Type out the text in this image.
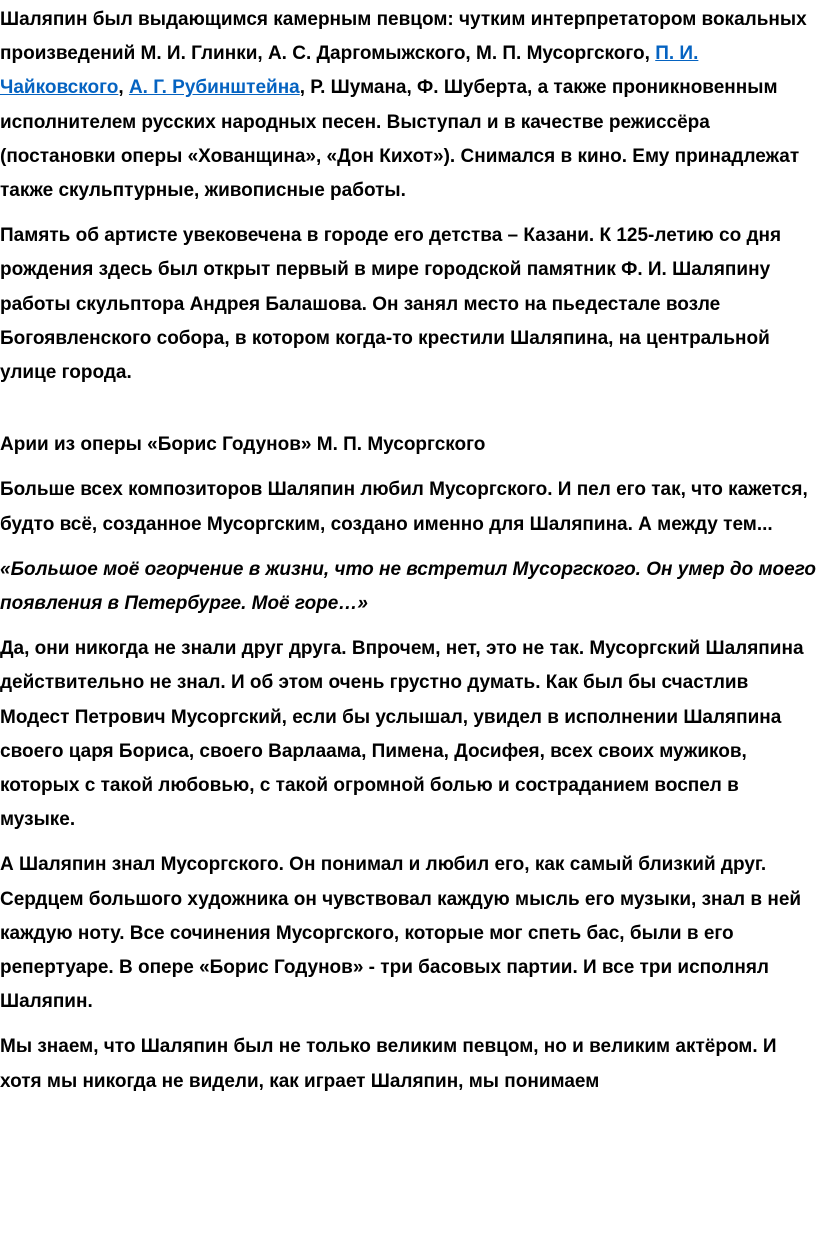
Шаляпин был выдающимся камерным певцом: чутким интерпретатором вокальных произведений М. И. Глинки, А. С. Даргомыжского, М. П. Мусоргского, П. И. Чайковского, А. Г. Рубинштейна, Р. Шумана, Ф. Шуберта, а также проникновенным исполнителем русских народных песен. Выступал и в качестве режиссёра (постановки оперы «Хованщина», «Дон Кихот»). Снимался в кино. Ему принадлежат также скульптурные, живописные работы.

Память об артисте увековечена в городе его детства – Казани. К 125-летию со дня рождения здесь был открыт первый в мире городской памятник Ф. И. Шаляпину работы скульптора Андрея Балашова. Он занял место на пьедестале возле Богоявленского собора, в котором когда-то крестили Шаляпина, на центральной улице города.

Арии из оперы «Борис Годунов» М. П. Мусоргского

Больше всех композиторов Шаляпин любил Мусоргского. И пел его так, что кажется, будто всё, созданное Мусоргским, создано именно для Шаляпина. А между тем...

«Большое моё огорчение в жизни, что не встретил Мусоргского. Он умер до моего появления в Петербурге. Моё горе…»

Да, они никогда не знали друг друга. Впрочем, нет, это не так. Мусоргский Шаляпина действительно не знал. И об этом очень грустно думать. Как был бы счастлив Модест Петрович Мусоргский, если бы услышал, увидел в исполнении Шаляпина своего царя Бориса, своего Варлаама, Пимена, Досифея, всех своих мужиков, которых с такой любовью, с такой огромной болью и состраданием воспел в музыке.

А Шаляпин знал Мусоргского. Он понимал и любил его, как самый близкий друг. Сердцем большого художника он чувствовал каждую мысль его музыки, знал в ней каждую ноту. Все сочинения Мусоргского, которые мог спеть бас, были в его репертуаре. В опере «Борис Годунов» - три басовых партии. И все три исполнял Шаляпин.

Мы знаем, что Шаляпин был не только великим певцом, но и великим актёром. И хотя мы никогда не видели, как играет Шаляпин, мы понимаем
